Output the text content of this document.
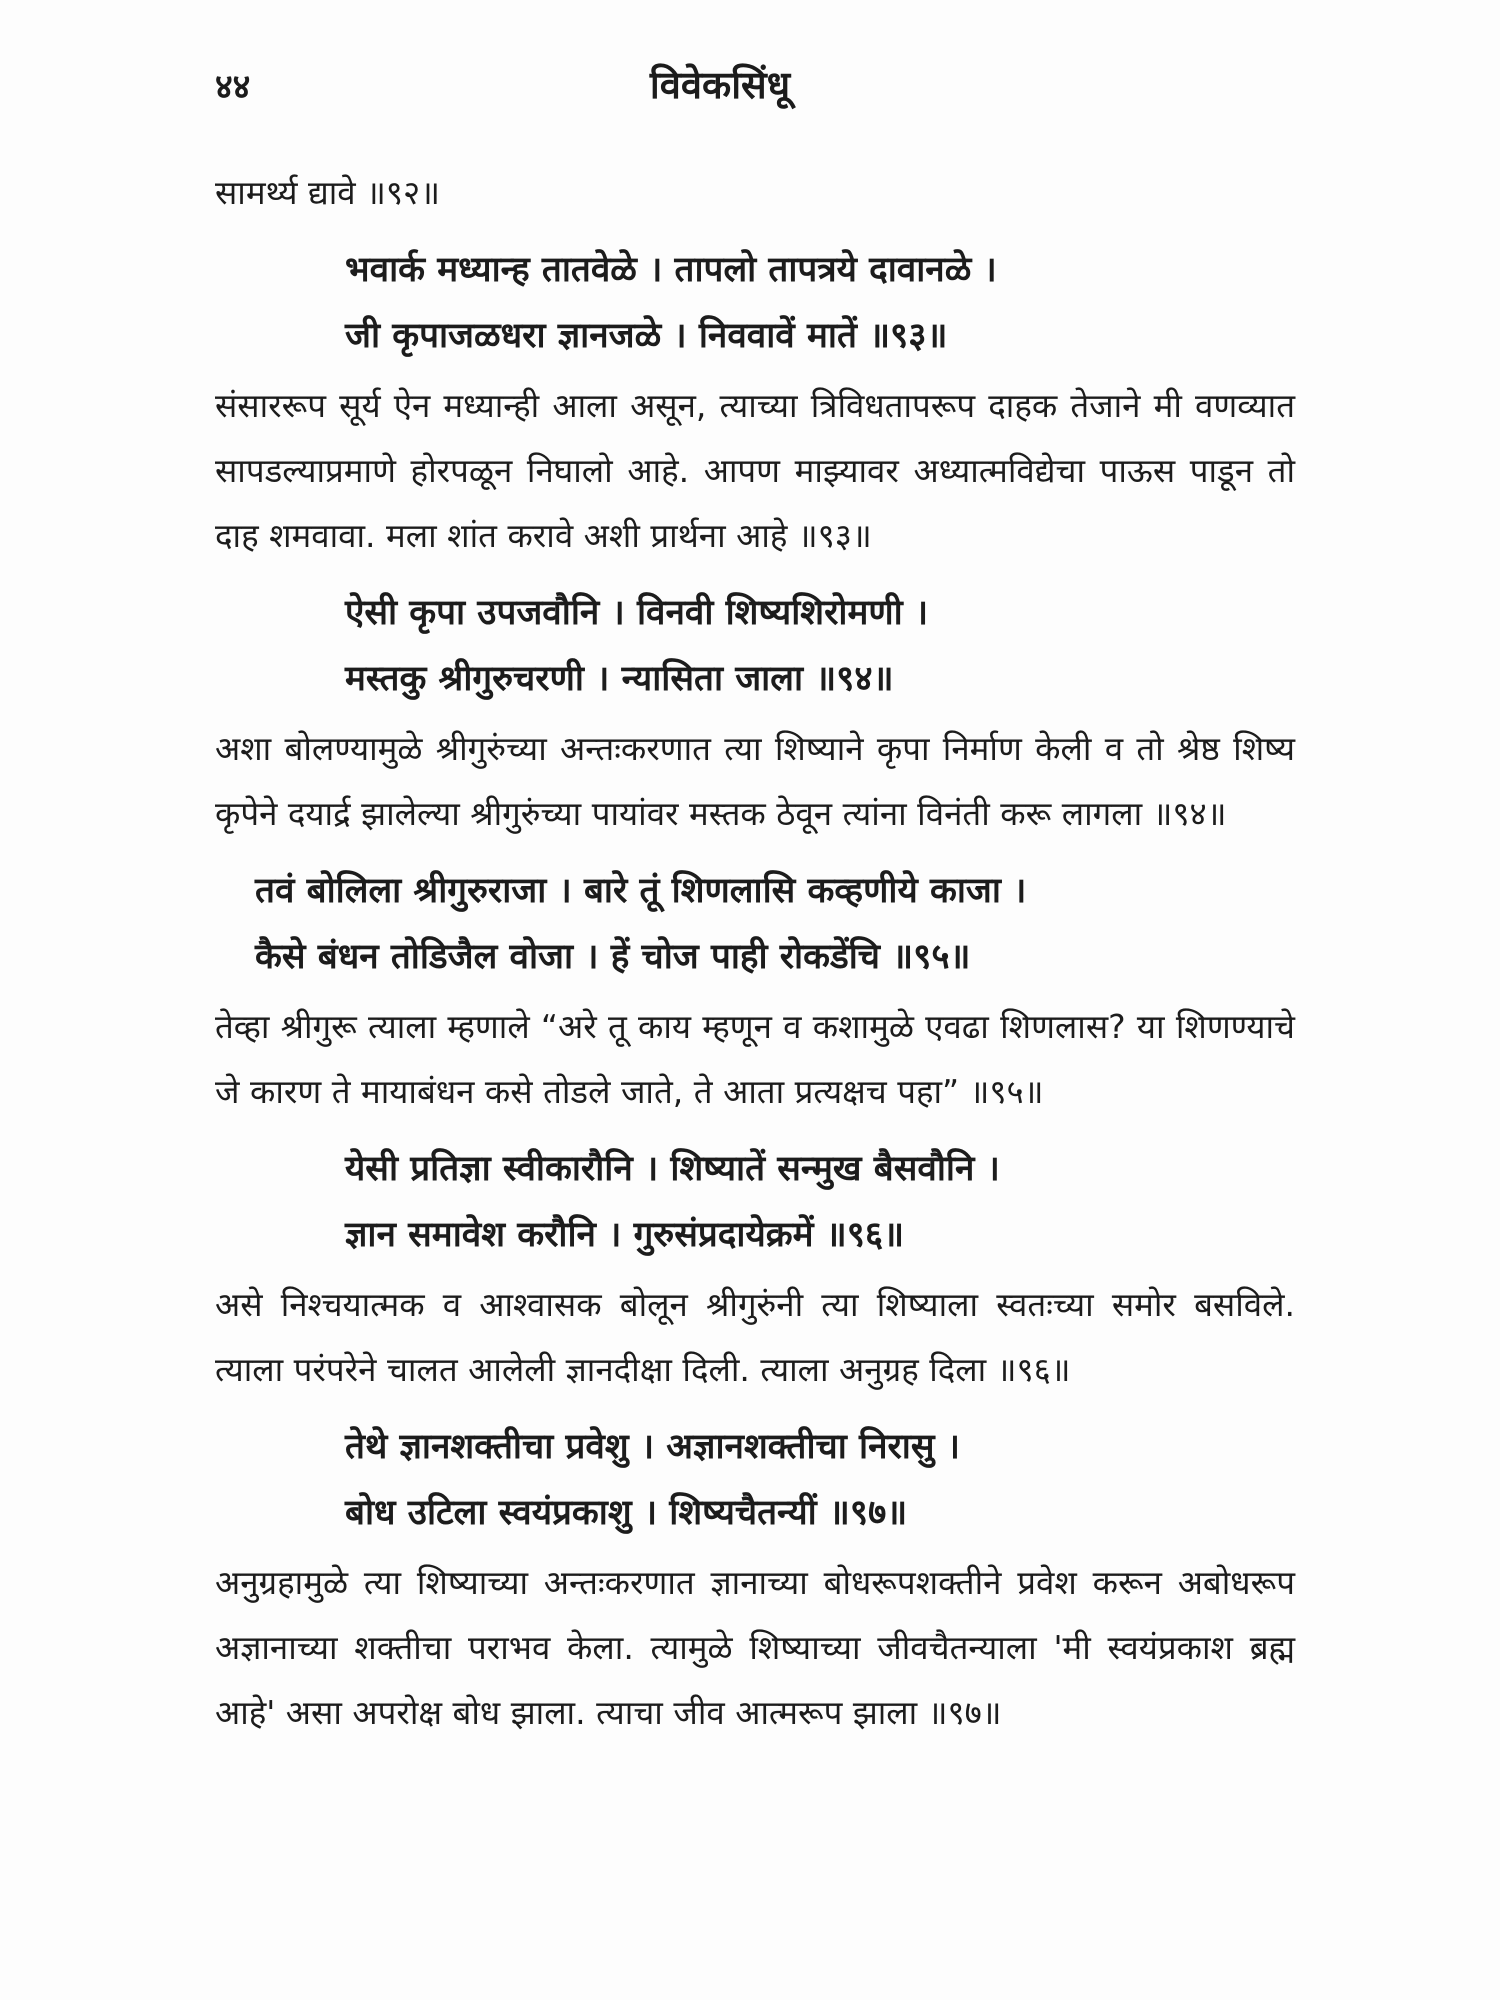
४४	विवेकसिंधू

सामर्थ्य द्यावे ॥९२॥

भवार्क मध्यान्ह तातवेळे । तापलो तापत्रये दावानळे ।

जी कृपाजळधरा ज्ञानजळे । निववावें मातें ॥९३॥

संसाररूप सूर्य ऐन मध्यान्ही आला असून, त्याच्या त्रिविधतापरूप दाहक तेजाने मी वणव्यात सापडल्याप्रमाणे होरपळून निघालो आहे. आपण माझ्यावर अध्यात्मविद्येचा पाऊस पाडून तो दाह शमवावा. मला शांत करावे अशी प्रार्थना आहे ॥९३॥

ऐसी कृपा उपजवौनि । विनवी शिष्यशिरोमणी ।

मस्तकु श्रीगुरुचरणी । न्यासिता जाला ॥९४॥

अशा बोलण्यामुळे श्रीगुरुंच्या अन्तःकरणात त्या शिष्याने कृपा निर्माण केली व तो श्रेष्ठ शिष्य कृपेने दयार्द्र झालेल्या श्रीगुरुंच्या पायांवर मस्तक ठेवून त्यांना विनंती करू लागला ॥९४॥

तवं बोलिला श्रीगुरुराजा । बारे तूं शिणलासि कव्हणीये काजा ।

कैसे बंधन तोडिजैल वोजा । हें चोज पाही रोकडेंचि ॥९५॥

तेव्हा श्रीगुरू त्याला म्हणाले “अरे तू काय म्हणून व कशामुळे एवढा शिणलास? या शिणण्याचे जे कारण ते मायाबंधन कसे तोडले जाते, ते आता प्रत्यक्षच पहा” ॥९५॥

येसी प्रतिज्ञा स्वीकारौनि । शिष्यातें सन्मुख बैसवौनि ।

ज्ञान समावेश करौनि । गुरुसंप्रदायेक्रमें ॥९६॥

असे निश्चयात्मक व आश्वासक बोलून श्रीगुरुंनी त्या शिष्याला स्वतःच्या समोर बसविले. त्याला परंपरेने चालत आलेली ज्ञानदीक्षा दिली. त्याला अनुग्रह दिला ॥९६॥

तेथे ज्ञानशक्तीचा प्रवेशु । अज्ञानशक्तीचा निरासु ।

बोध उटिला स्वयंप्रकाशु । शिष्यचैतन्यीं ॥९७॥

अनुग्रहामुळे त्या शिष्याच्या अन्तःकरणात ज्ञानाच्या बोधरूपशक्तीने प्रवेश करून अबोधरूप अज्ञानाच्या शक्तीचा पराभव केला. त्यामुळे शिष्याच्या जीवचैतन्याला 'मी स्वयंप्रकाश ब्रह्म आहे' असा अपरोक्ष बोध झाला. त्याचा जीव आत्मरूप झाला ॥९७॥
